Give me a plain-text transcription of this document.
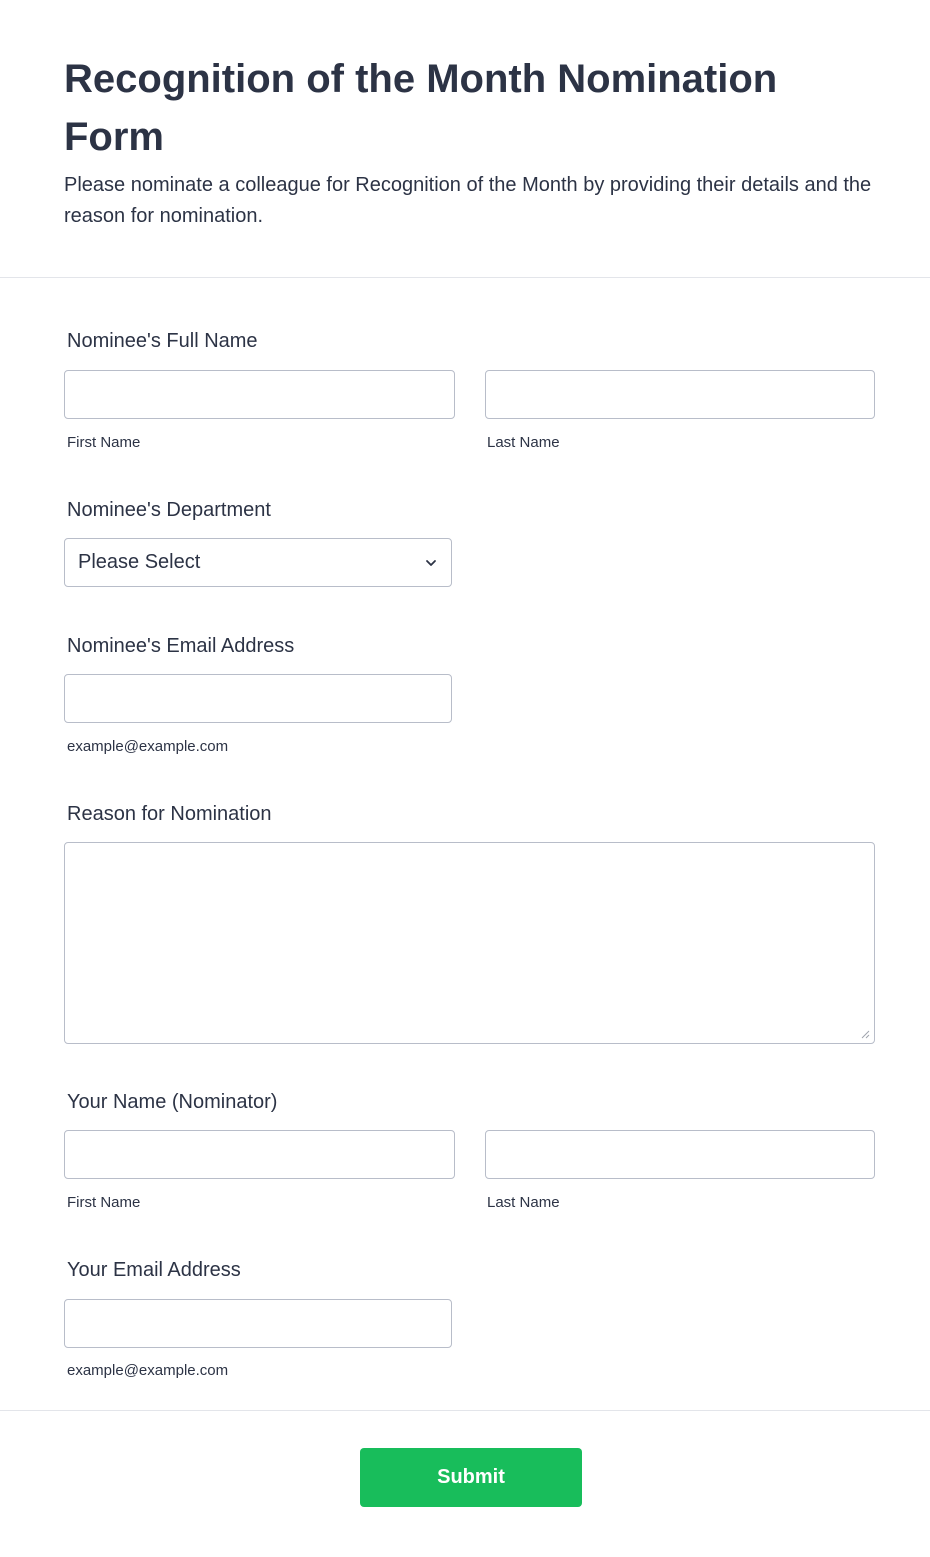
Recognition of the Month Nomination Form

Please nominate a colleague for Recognition of the Month by providing their details and the reason for nomination.

Nominee's Full Name
First Name	Last Name
Nominee's Department
Please Select
Nominee's Email Address
example@example.com
Reason for Nomination
Your Name (Nominator)
First Name	Last Name
Your Email Address
example@example.com
Submit
